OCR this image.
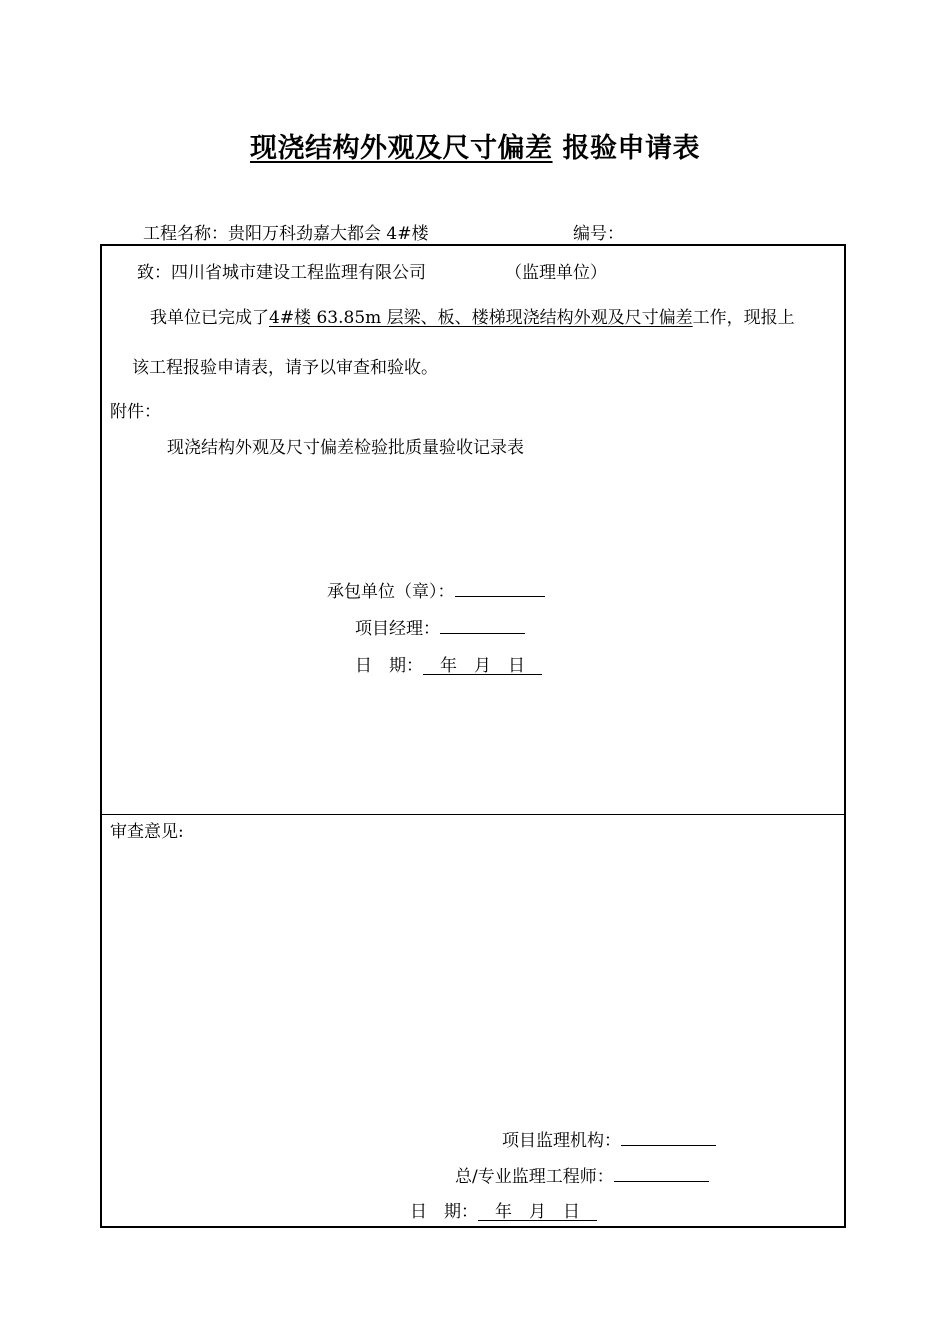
现浇结构外观及尺寸偏差 报验申请表
工程名称：贵阳万科劲嘉大都会 4#楼	编号：
致：四川省城市建设工程监理有限公司	（监理单位）
我单位已完成了4#楼 63.85m 层梁、板、楼梯现浇结构外观及尺寸偏差工作，现报上
该工程报验申请表，请予以审查和验收。
附件：
现浇结构外观及尺寸偏差检验批质量验收记录表
承包单位（章）：
项目经理：
日　期：　年　月　日　
审查意见:
项目监理机构：
总/专业监理工程师：
日　期：　年　月　日　
